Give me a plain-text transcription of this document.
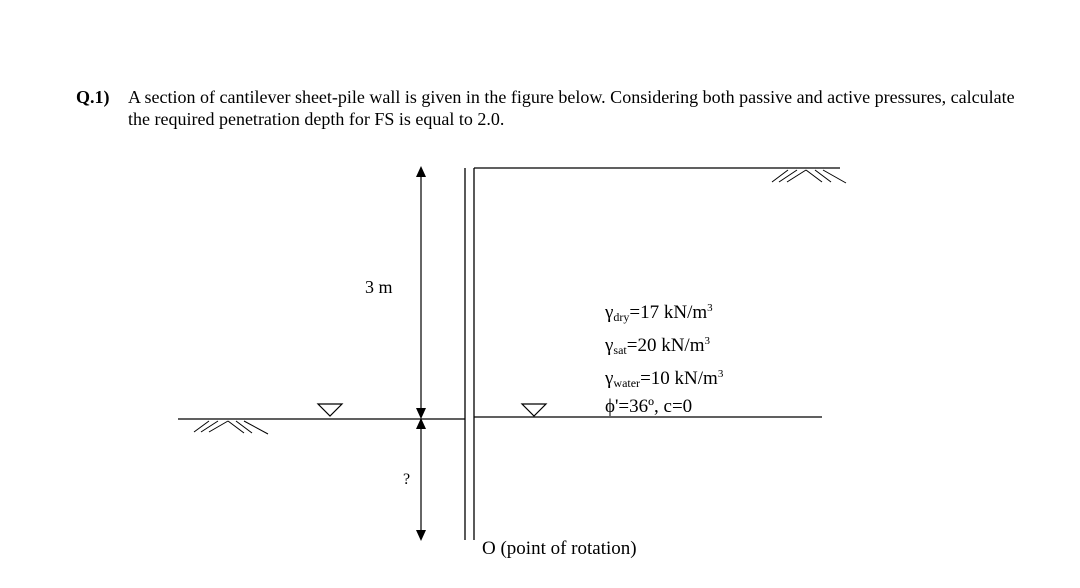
Q.1) A section of cantilever sheet-pile wall is given in the figure below. Considering both passive and active pressures, calculate the required penetration depth for FS is equal to 2.0.
3 m
?
O (point of rotation)
$\gamma_{dry}=17$ $kN/m^3$
$\gamma_{sat}=20$ $kN/m^3$
$\gamma_{water}=10$ $kN/m^3$
ϕ'=36º, c=0
